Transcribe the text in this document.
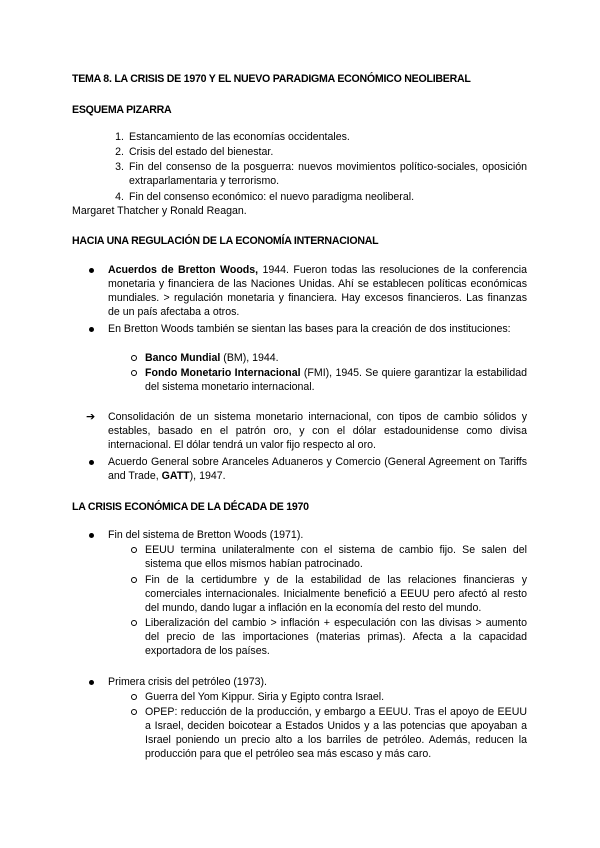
TEMA 8. LA CRISIS DE 1970 Y EL NUEVO PARADIGMA ECONÓMICO NEOLIBERAL
ESQUEMA PIZARRA
1. Estancamiento de las economías occidentales.
2. Crisis del estado del bienestar.
3. Fin del consenso de la posguerra: nuevos movimientos político-sociales, oposición extraparlamentaria y terrorismo.
4. Fin del consenso económico: el nuevo paradigma neoliberal.
Margaret Thatcher y Ronald Reagan.
HACIA UNA REGULACIÓN DE LA ECONOMÍA INTERNACIONAL
Acuerdos de Bretton Woods, 1944. Fueron todas las resoluciones de la conferencia monetaria y financiera de las Naciones Unidas. Ahí se establecen políticas económicas mundiales. > regulación monetaria y financiera. Hay excesos financieros. Las finanzas de un país afectaba a otros.
En Bretton Woods también se sientan las bases para la creación de dos instituciones:
Banco Mundial (BM), 1944.
Fondo Monetario Internacional (FMI), 1945. Se quiere garantizar la estabilidad del sistema monetario internacional.
➔ Consolidación de un sistema monetario internacional, con tipos de cambio sólidos y estables, basado en el patrón oro, y con el dólar estadounidense como divisa internacional. El dólar tendrá un valor fijo respecto al oro.
Acuerdo General sobre Aranceles Aduaneros y Comercio (General Agreement on Tariffs and Trade, GATT), 1947.
LA CRISIS ECONÓMICA DE LA DÉCADA DE 1970
Fin del sistema de Bretton Woods (1971).
EEUU termina unilateralmente con el sistema de cambio fijo. Se salen del sistema que ellos mismos habían patrocinado.
Fin de la certidumbre y de la estabilidad de las relaciones financieras y comerciales internacionales. Inicialmente benefició a EEUU pero afectó al resto del mundo, dando lugar a inflación en la economía del resto del mundo.
Liberalización del cambio > inflación + especulación con las divisas > aumento del precio de las importaciones (materias primas). Afecta a la capacidad exportadora de los países.
Primera crisis del petróleo (1973).
Guerra del Yom Kippur. Siria y Egipto contra Israel.
OPEP: reducción de la producción, y embargo a EEUU. Tras el apoyo de EEUU a Israel, deciden boicotear a Estados Unidos y a las potencias que apoyaban a Israel poniendo un precio alto a los barriles de petróleo. Además, reducen la producción para que el petróleo sea más escaso y más caro.
